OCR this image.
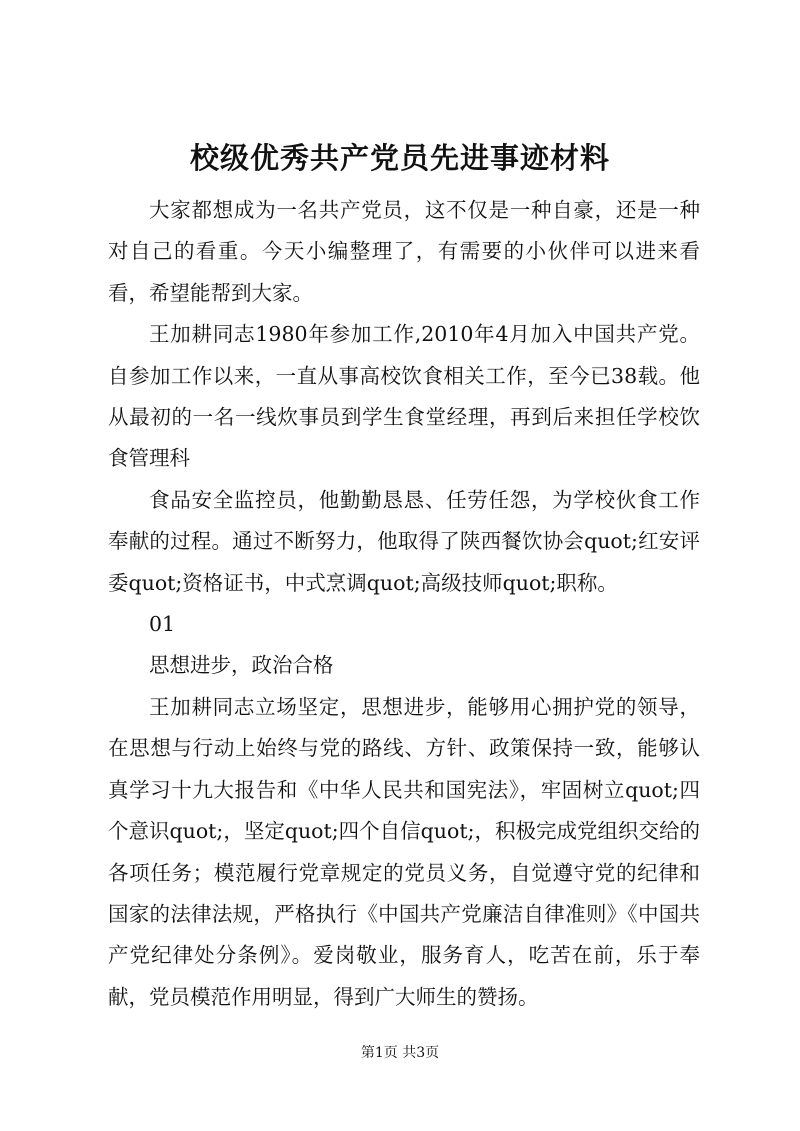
校级优秀共产党员先进事迹材料

大家都想成为一名共产党员，这不仅是一种自豪，还是一种对自己的看重。今天小编整理了，有需要的小伙伴可以进来看看，希望能帮到大家。

王加耕同志1980年参加工作,2010年4月加入中国共产党。自参加工作以来，一直从事高校饮食相关工作，至今已38载。他从最初的一名一线炊事员到学生食堂经理，再到后来担任学校饮食管理科

食品安全监控员，他勤勤恳恳、任劳任怨，为学校伙食工作奉献的过程。通过不断努力，他取得了陕西餐饮协会quot;红安评委quot;资格证书，中式烹调quot;高级技师quot;职称。

01

思想进步，政治合格

王加耕同志立场坚定，思想进步，能够用心拥护党的领导，在思想与行动上始终与党的路线、方针、政策保持一致，能够认真学习十九大报告和《中华人民共和国宪法》，牢固树立quot;四个意识quot;，坚定quot;四个自信quot;，积极完成党组织交给的各项任务；模范履行党章规定的党员义务，自觉遵守党的纪律和国家的法律法规，严格执行《中国共产党廉洁自律准则》《中国共产党纪律处分条例》。爱岗敬业，服务育人，吃苦在前，乐于奉献，党员模范作用明显，得到广大师生的赞扬。

第1页 共3页
